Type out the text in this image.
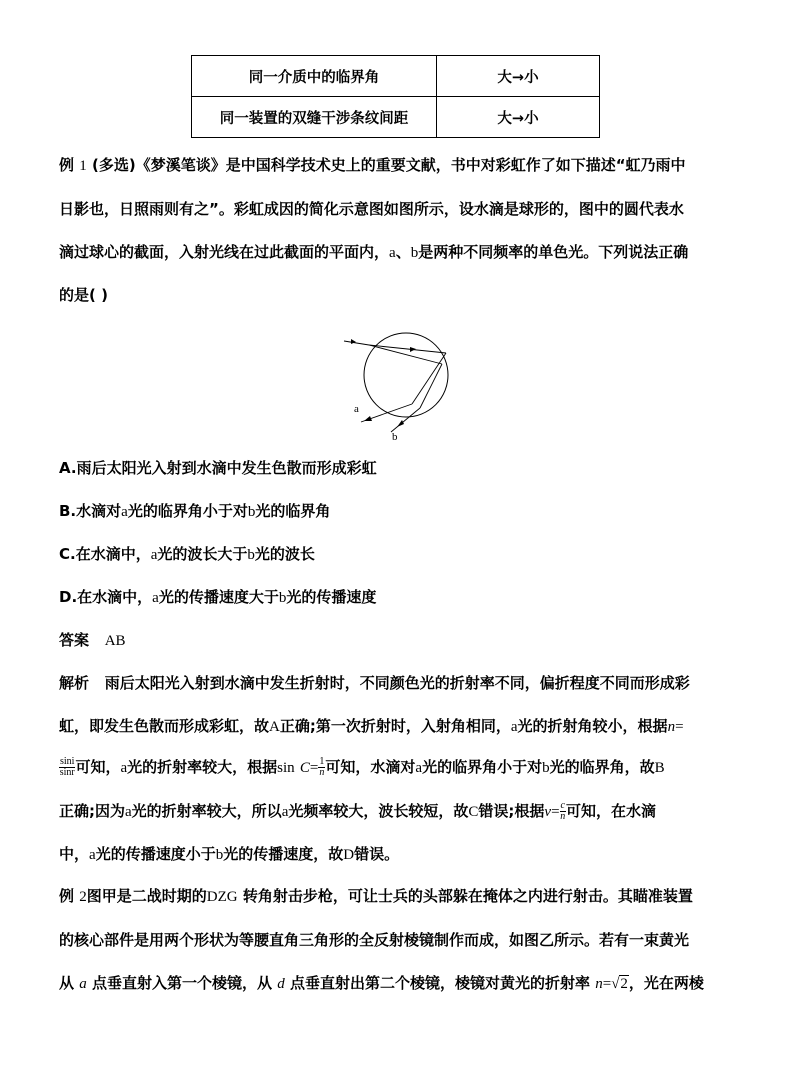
同一介质中的临界角	大→小
同一装置的双缝干涉条纹间距	大→小
例 1 (多选)《梦溪笔谈》是中国科学技术史上的重要文献，书中对彩虹作了如下描述“虹乃雨中
日影也，日照雨则有之”。彩虹成因的简化示意图如图所示，设水滴是球形的，图中的圆代表水
滴过球心的截面，入射光线在过此截面的平面内，a、b是两种不同频率的单色光。下列说法正确
的是( )
a
b
A.雨后太阳光入射到水滴中发生色散而形成彩虹
B.水滴对a光的临界角小于对b光的临界角
C.在水滴中，a光的波长大于b光的波长
D.在水滴中，a光的传播速度大于b光的传播速度
答案 AB
解析 雨后太阳光入射到水滴中发生折射时，不同颜色光的折射率不同，偏折程度不同而形成彩
虹，即发生色散而形成彩虹，故A正确;第一次折射时，入射角相同，a光的折射角较小，根据n=
$\frac{\sin i}{\sin r}$ 可知，a光的折射率较大，根据$\sin C= \frac{1}{n}$ 可知，水滴对a光的临界角小于对b光的临界角，故B
正确;因为a光的折射率较大，所以a光频率较大，波长较短，故C错误;根据$v= \frac{c}{n}$ 可知，在水滴
中，a光的传播速度小于b光的传播速度，故D错误。
例 2图甲是二战时期的DZG 转角射击步枪，可让士兵的头部躲在掩体之内进行射击。其瞄准装置
的核心部件是用两个形状为等腰直角三角形的全反射棱镜制作而成，如图乙所示。若有一束黄光
从 a 点垂直射入第一个棱镜，从 d 点垂直射出第二个棱镜，棱镜对黄光的折射率 n=√2，光在两棱
